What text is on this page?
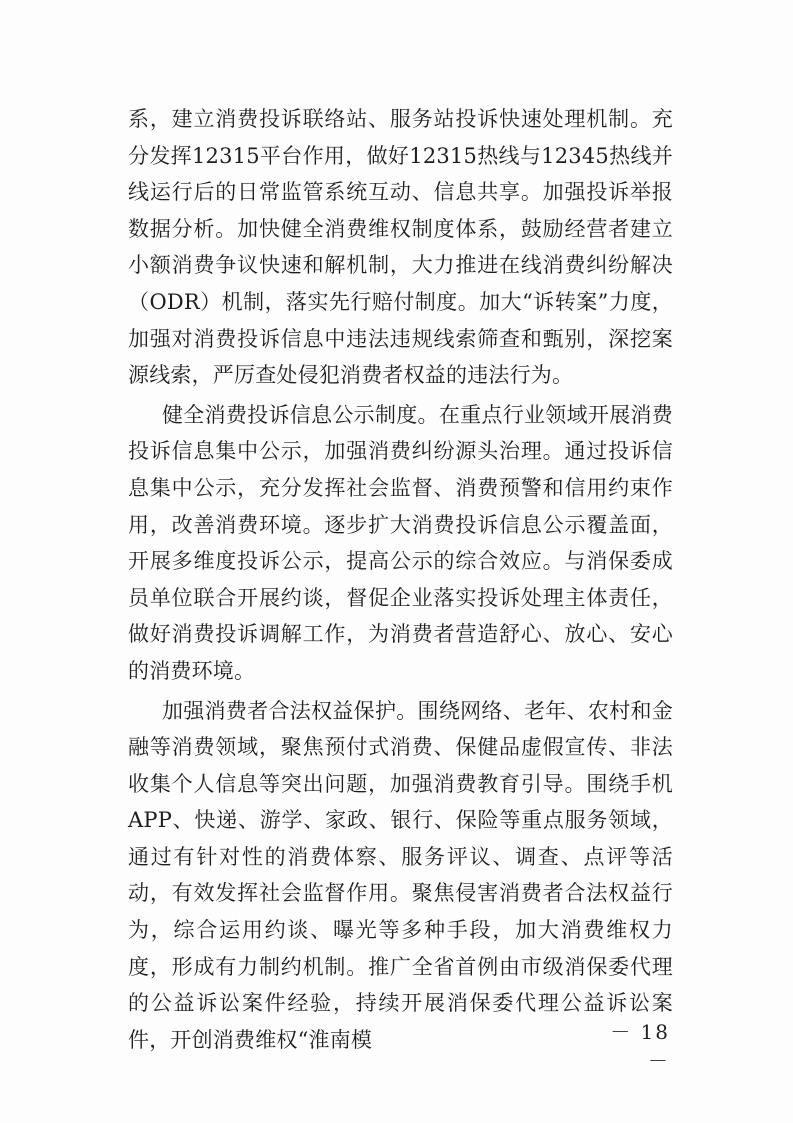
系，建立消费投诉联络站、服务站投诉快速处理机制。充分发挥12315平台作用，做好12315热线与12345热线并线运行后的日常监管系统互动、信息共享。加强投诉举报数据分析。加快健全消费维权制度体系，鼓励经营者建立小额消费争议快速和解机制，大力推进在线消费纠纷解决（ODR）机制，落实先行赔付制度。加大“诉转案”力度，加强对消费投诉信息中违法违规线索筛查和甄别，深挖案源线索，严厉查处侵犯消费者权益的违法行为。

健全消费投诉信息公示制度。在重点行业领域开展消费投诉信息集中公示，加强消费纠纷源头治理。通过投诉信息集中公示，充分发挥社会监督、消费预警和信用约束作用，改善消费环境。逐步扩大消费投诉信息公示覆盖面，开展多维度投诉公示，提高公示的综合效应。与消保委成员单位联合开展约谈，督促企业落实投诉处理主体责任，做好消费投诉调解工作，为消费者营造舒心、放心、安心的消费环境。

加强消费者合法权益保护。围绕网络、老年、农村和金融等消费领域，聚焦预付式消费、保健品虚假宣传、非法收集个人信息等突出问题，加强消费教育引导。围绕手机APP、快递、游学、家政、银行、保险等重点服务领域，通过有针对性的消费体察、服务评议、调查、点评等活动，有效发挥社会监督作用。聚焦侵害消费者合法权益行为，综合运用约谈、曝光等多种手段，加大消费维权力度，形成有力制约机制。推广全省首例由市级消保委代理的公益诉讼案件经验，持续开展消保委代理公益诉讼案件，开创消费维权“淮南模	－ 18 －
